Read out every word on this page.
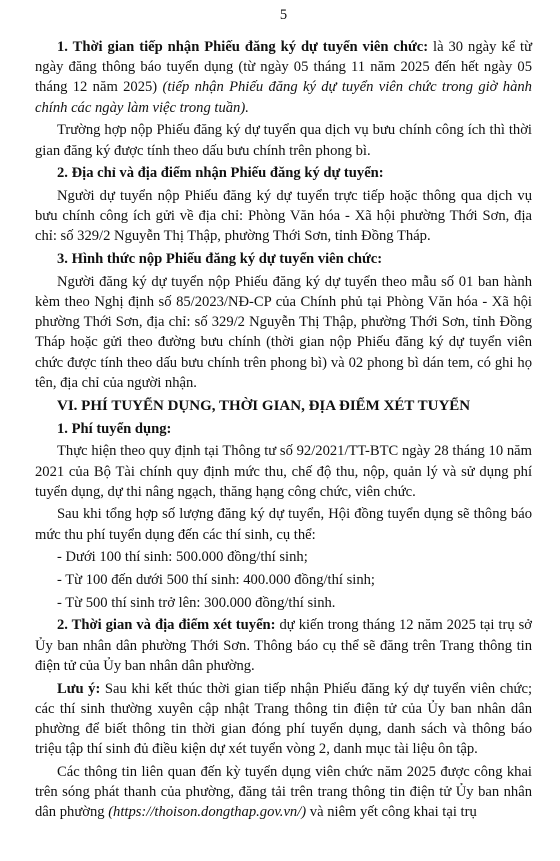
5

1. Thời gian tiếp nhận Phiếu đăng ký dự tuyển viên chức: là 30 ngày kể từ ngày đăng thông báo tuyển dụng (từ ngày 05 tháng 11 năm 2025 đến hết ngày 05 tháng 12 năm 2025) (tiếp nhận Phiếu đăng ký dự tuyển viên chức trong giờ hành chính các ngày làm việc trong tuần).

Trường hợp nộp Phiếu đăng ký dự tuyển qua dịch vụ bưu chính công ích thì thời gian đăng ký được tính theo dấu bưu chính trên phong bì.

2. Địa chỉ và địa điểm nhận Phiếu đăng ký dự tuyển:

Người dự tuyển nộp Phiếu đăng ký dự tuyển trực tiếp hoặc thông qua dịch vụ bưu chính công ích gửi về địa chỉ: Phòng Văn hóa - Xã hội phường Thới Sơn, địa chỉ: số 329/2 Nguyễn Thị Thập, phường Thới Sơn, tỉnh Đồng Tháp.

3. Hình thức nộp Phiếu đăng ký dự tuyển viên chức:

Người đăng ký dự tuyển nộp Phiếu đăng ký dự tuyển theo mẫu số 01 ban hành kèm theo Nghị định số 85/2023/NĐ-CP của Chính phủ tại Phòng Văn hóa - Xã hội phường Thới Sơn, địa chỉ: số 329/2 Nguyễn Thị Thập, phường Thới Sơn, tỉnh Đồng Tháp hoặc gửi theo đường bưu chính (thời gian nộp Phiếu đăng ký dự tuyển viên chức được tính theo dấu bưu chính trên phong bì) và 02 phong bì dán tem, có ghi họ tên, địa chỉ của người nhận.

VI. PHÍ TUYỂN DỤNG, THỜI GIAN, ĐỊA ĐIỂM XÉT TUYỂN

1. Phí tuyển dụng:

Thực hiện theo quy định tại Thông tư số 92/2021/TT-BTC ngày 28 tháng 10 năm 2021 của Bộ Tài chính quy định mức thu, chế độ thu, nộp, quản lý và sử dụng phí tuyển dụng, dự thi nâng ngạch, thăng hạng công chức, viên chức.

Sau khi tổng hợp số lượng đăng ký dự tuyển, Hội đồng tuyển dụng sẽ thông báo mức thu phí tuyển dụng đến các thí sinh, cụ thể:

- Dưới 100 thí sinh: 500.000 đồng/thí sinh;

- Từ 100 đến dưới 500 thí sinh: 400.000 đồng/thí sinh;

- Từ 500 thí sinh trở lên: 300.000 đồng/thí sinh.

2. Thời gian và địa điểm xét tuyển: dự kiến trong tháng 12 năm 2025 tại trụ sở Ủy ban nhân dân phường Thới Sơn. Thông báo cụ thể sẽ đăng trên Trang thông tin điện tử của Ủy ban nhân dân phường.

Lưu ý: Sau khi kết thúc thời gian tiếp nhận Phiếu đăng ký dự tuyển viên chức; các thí sinh thường xuyên cập nhật Trang thông tin điện tử của Ủy ban nhân dân phường để biết thông tin thời gian đóng phí tuyển dụng, danh sách và thông báo triệu tập thí sinh đủ điều kiện dự xét tuyển vòng 2, danh mục tài liệu ôn tập.

Các thông tin liên quan đến kỳ tuyển dụng viên chức năm 2025 được công khai trên sóng phát thanh của phường, đăng tải trên trang thông tin điện tử Ủy ban nhân dân phường (https://thoison.dongthap.gov.vn/) và niêm yết công khai tại trụ
